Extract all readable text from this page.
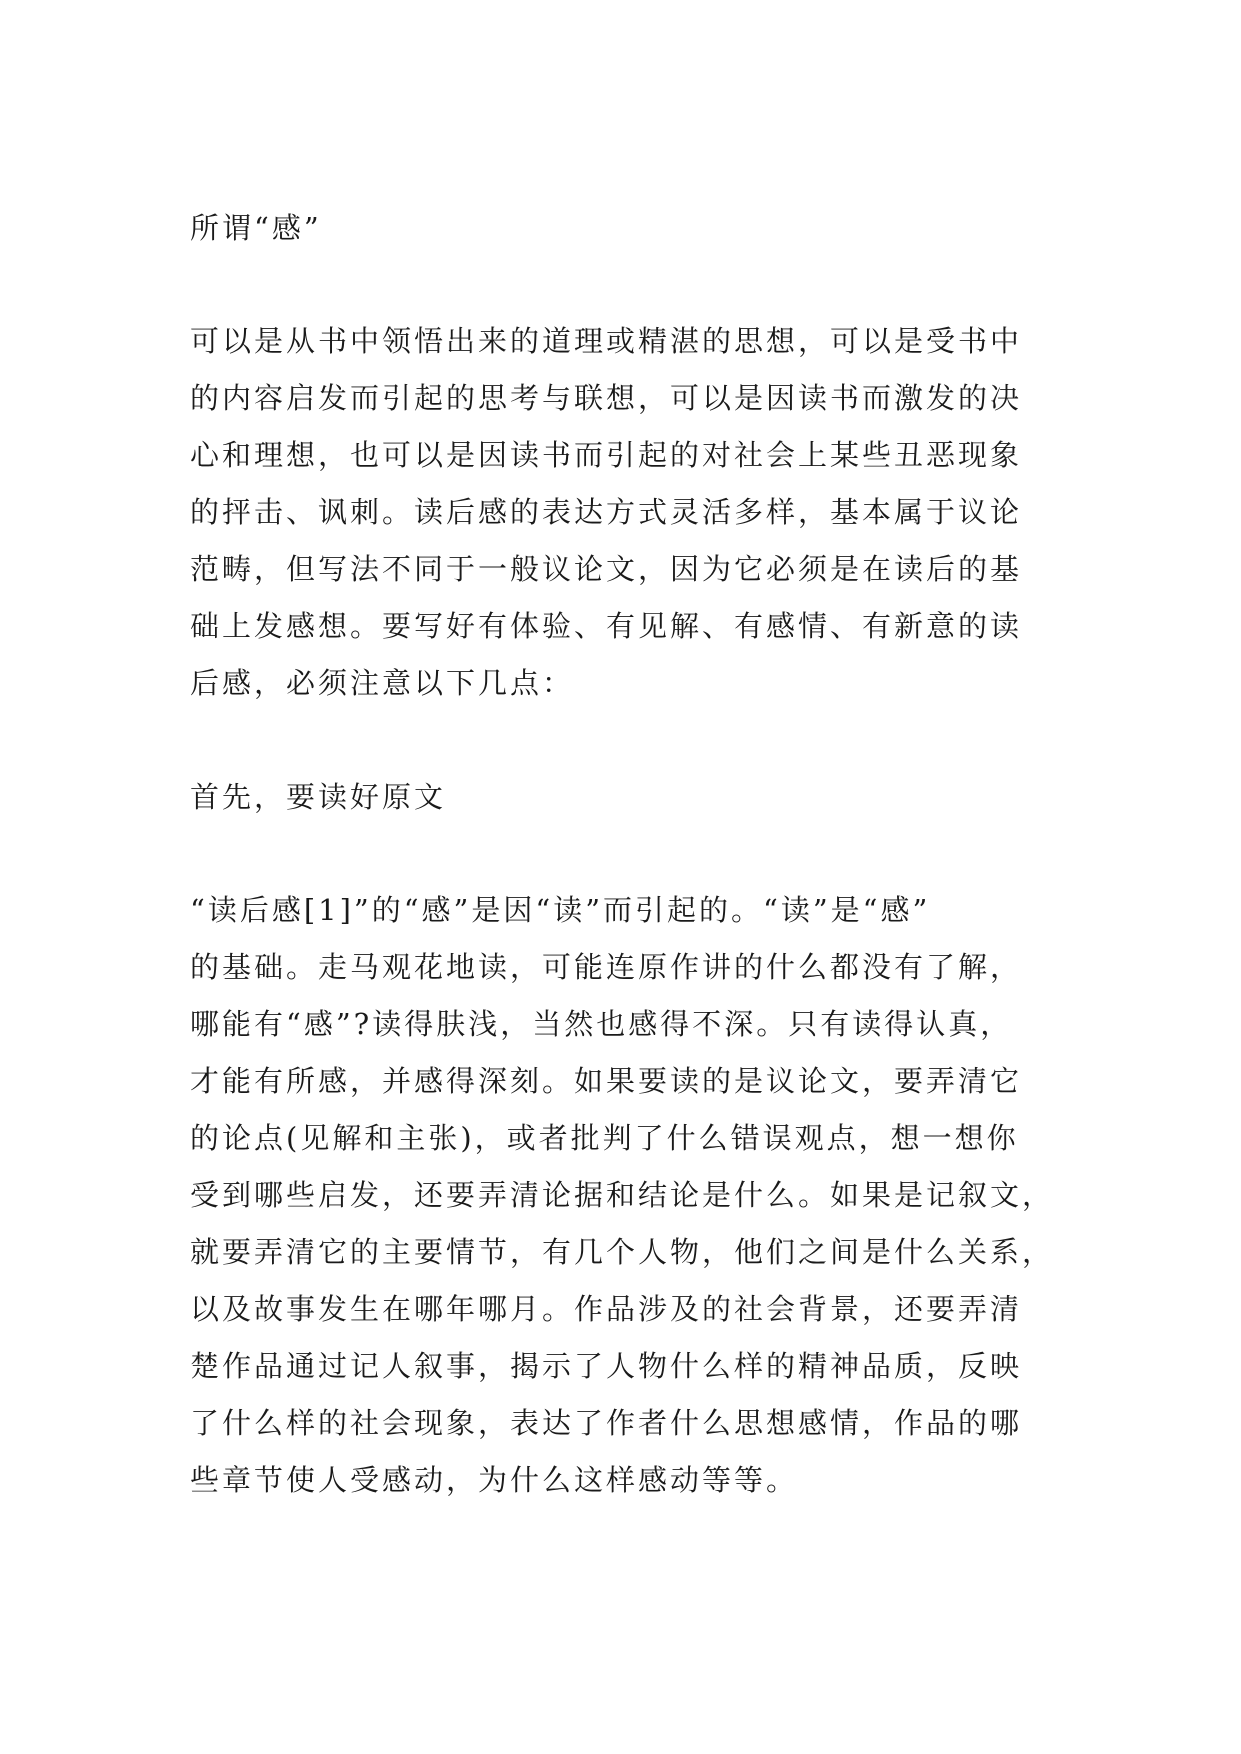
所谓“感”
可以是从书中领悟出来的道理或精湛的思想，可以是受书中
的内容启发而引起的思考与联想，可以是因读书而激发的决
心和理想，也可以是因读书而引起的对社会上某些丑恶现象
的抨击、讽刺。读后感的表达方式灵活多样，基本属于议论
范畴，但写法不同于一般议论文，因为它必须是在读后的基
础上发感想。要写好有体验、有见解、有感情、有新意的读
后感，必须注意以下几点：
首先，要读好原文
“读后感[1]”的“感”是因“读”而引起的。“读”是“感”
的基础。走马观花地读，可能连原作讲的什么都没有了解，
哪能有“感”?读得肤浅，当然也感得不深。只有读得认真，
才能有所感，并感得深刻。如果要读的是议论文，要弄清它
的论点(见解和主张)，或者批判了什么错误观点，想一想你
受到哪些启发，还要弄清论据和结论是什么。如果是记叙文，
就要弄清它的主要情节，有几个人物，他们之间是什么关系，
以及故事发生在哪年哪月。作品涉及的社会背景，还要弄清
楚作品通过记人叙事，揭示了人物什么样的精神品质，反映
了什么样的社会现象，表达了作者什么思想感情，作品的哪
些章节使人受感动，为什么这样感动等等。
